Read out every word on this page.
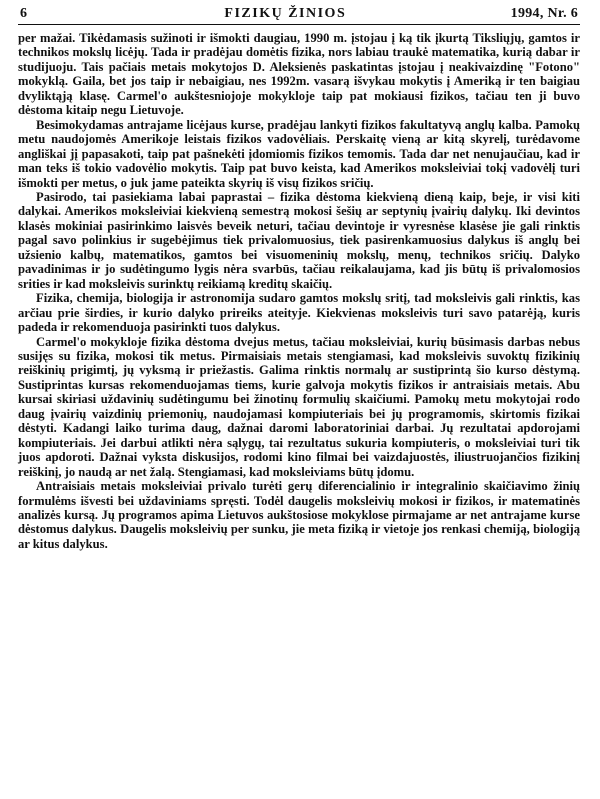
6	FIZIKŲ ŽINIOS	1994, Nr. 6

per mažai. Tikėdamasis sužinoti ir išmokti daugiau, 1990 m. įstojau į ką tik įkurtą Tiksliųjų, gamtos ir technikos mokslų licėjų. Tada ir pradėjau domėtis fizika, nors labiau traukė matematika, kurią dabar ir studijuoju. Tais pačiais metais mokytojos D. Aleksienės paskatintas įstojau į neakivaizdinę "Fotono" mokyklą. Gaila, bet jos taip ir nebaigiau, nes 1992m. vasarą išvykau mokytis į Ameriką ir ten baigiau dvyliktąją klasę. Carmel'o aukštesniojoje mokykloje taip pat mokiausi fizikos, tačiau ten ji buvo dėstoma kitaip negu Lietuvoje.

Besimokydamas antrajame licėjaus kurse, pradėjau lankyti fizikos fakultatyvą anglų kalba. Pamokų metu naudojomės Amerikoje leistais fizikos vadovėliais. Perskaitę vieną ar kitą skyrelį, turėdavome angliškai jį papasakoti, taip pat pašnekėti įdomiomis fizikos temomis. Tada dar net nenujaučiau, kad ir man teks iš tokio vadovėlio mokytis. Taip pat buvo keista, kad Amerikos moksleiviai tokį vadovėlį turi išmokti per metus, o juk jame pateikta skyrių iš visų fizikos sričių.

Pasirodo, tai pasiekiama labai paprastai – fizika dėstoma kiekvieną dieną kaip, beje, ir visi kiti dalykai. Amerikos moksleiviai kiekvieną semestrą mokosi šešių ar septynių įvairių dalykų. Iki devintos klasės mokiniai pasirinkimo laisvės beveik neturi, tačiau devintoje ir vyresnėse klasėse jie gali rinktis pagal savo polinkius ir sugebėjimus tiek privalomuosius, tiek pasirenkamuosius dalykus iš anglų bei užsienio kalbų, matematikos, gamtos bei visuomeninių mokslų, menų, technikos sričių. Dalyko pavadinimas ir jo sudėtingumo lygis nėra svarbūs, tačiau reikalaujama, kad jis būtų iš privalomosios srities ir kad moksleivis surinktų reikiamą kreditų skaičių.

Fizika, chemija, biologija ir astronomija sudaro gamtos mokslų sritį, tad moksleivis gali rinktis, kas arčiau prie širdies, ir kurio dalyko prireiks ateityje. Kiekvienas moksleivis turi savo patarėją, kuris padeda ir rekomenduoja pasirinkti tuos dalykus.

Carmel'o mokykloje fizika dėstoma dvejus metus, tačiau moksleiviai, kurių būsimasis darbas nebus susijęs su fizika, mokosi tik metus. Pirmaisiais metais stengiamasi, kad moksleivis suvoktų fizikinių reiškinių prigimtį, jų vyksmą ir priežastis. Galima rinktis normalų ar sustiprintą šio kurso dėstymą. Sustiprintas kursas rekomenduojamas tiems, kurie galvoja mokytis fizikos ir antraisiais metais. Abu kursai skiriasi uždavinių sudėtingumu bei žinotinų formulių skaičiumi. Pamokų metu mokytojai rodo daug įvairių vaizdinių priemonių, naudojamasi kompiuteriais bei jų programomis, skirtomis fizikai dėstyti. Kadangi laiko turima daug, dažnai daromi laboratoriniai darbai. Jų rezultatai apdorojami kompiuteriais. Jei darbui atlikti nėra sąlygų, tai rezultatus sukuria kompiuteris, o moksleiviai turi tik juos apdoroti. Dažnai vyksta diskusijos, rodomi kino filmai bei vaizdajuostės, iliustruojančios fizikinį reiškinį, jo naudą ar net žalą. Stengiamasi, kad moksleiviams būtų įdomu.

Antraisiais metais moksleiviai privalo turėti gerų diferencialinio ir integralinio skaičiavimo žinių formulėms išvesti bei uždaviniams spręsti. Todėl daugelis moksleivių mokosi ir fizikos, ir matematinės analizės kursą. Jų programos apima Lietuvos aukštosiose mokyklose pirmajame ar net antrajame kurse dėstomus dalykus. Daugelis moksleivių per sunku, jie meta fiziką ir vietoje jos renkasi chemiją, biologiją ar kitus dalykus.
